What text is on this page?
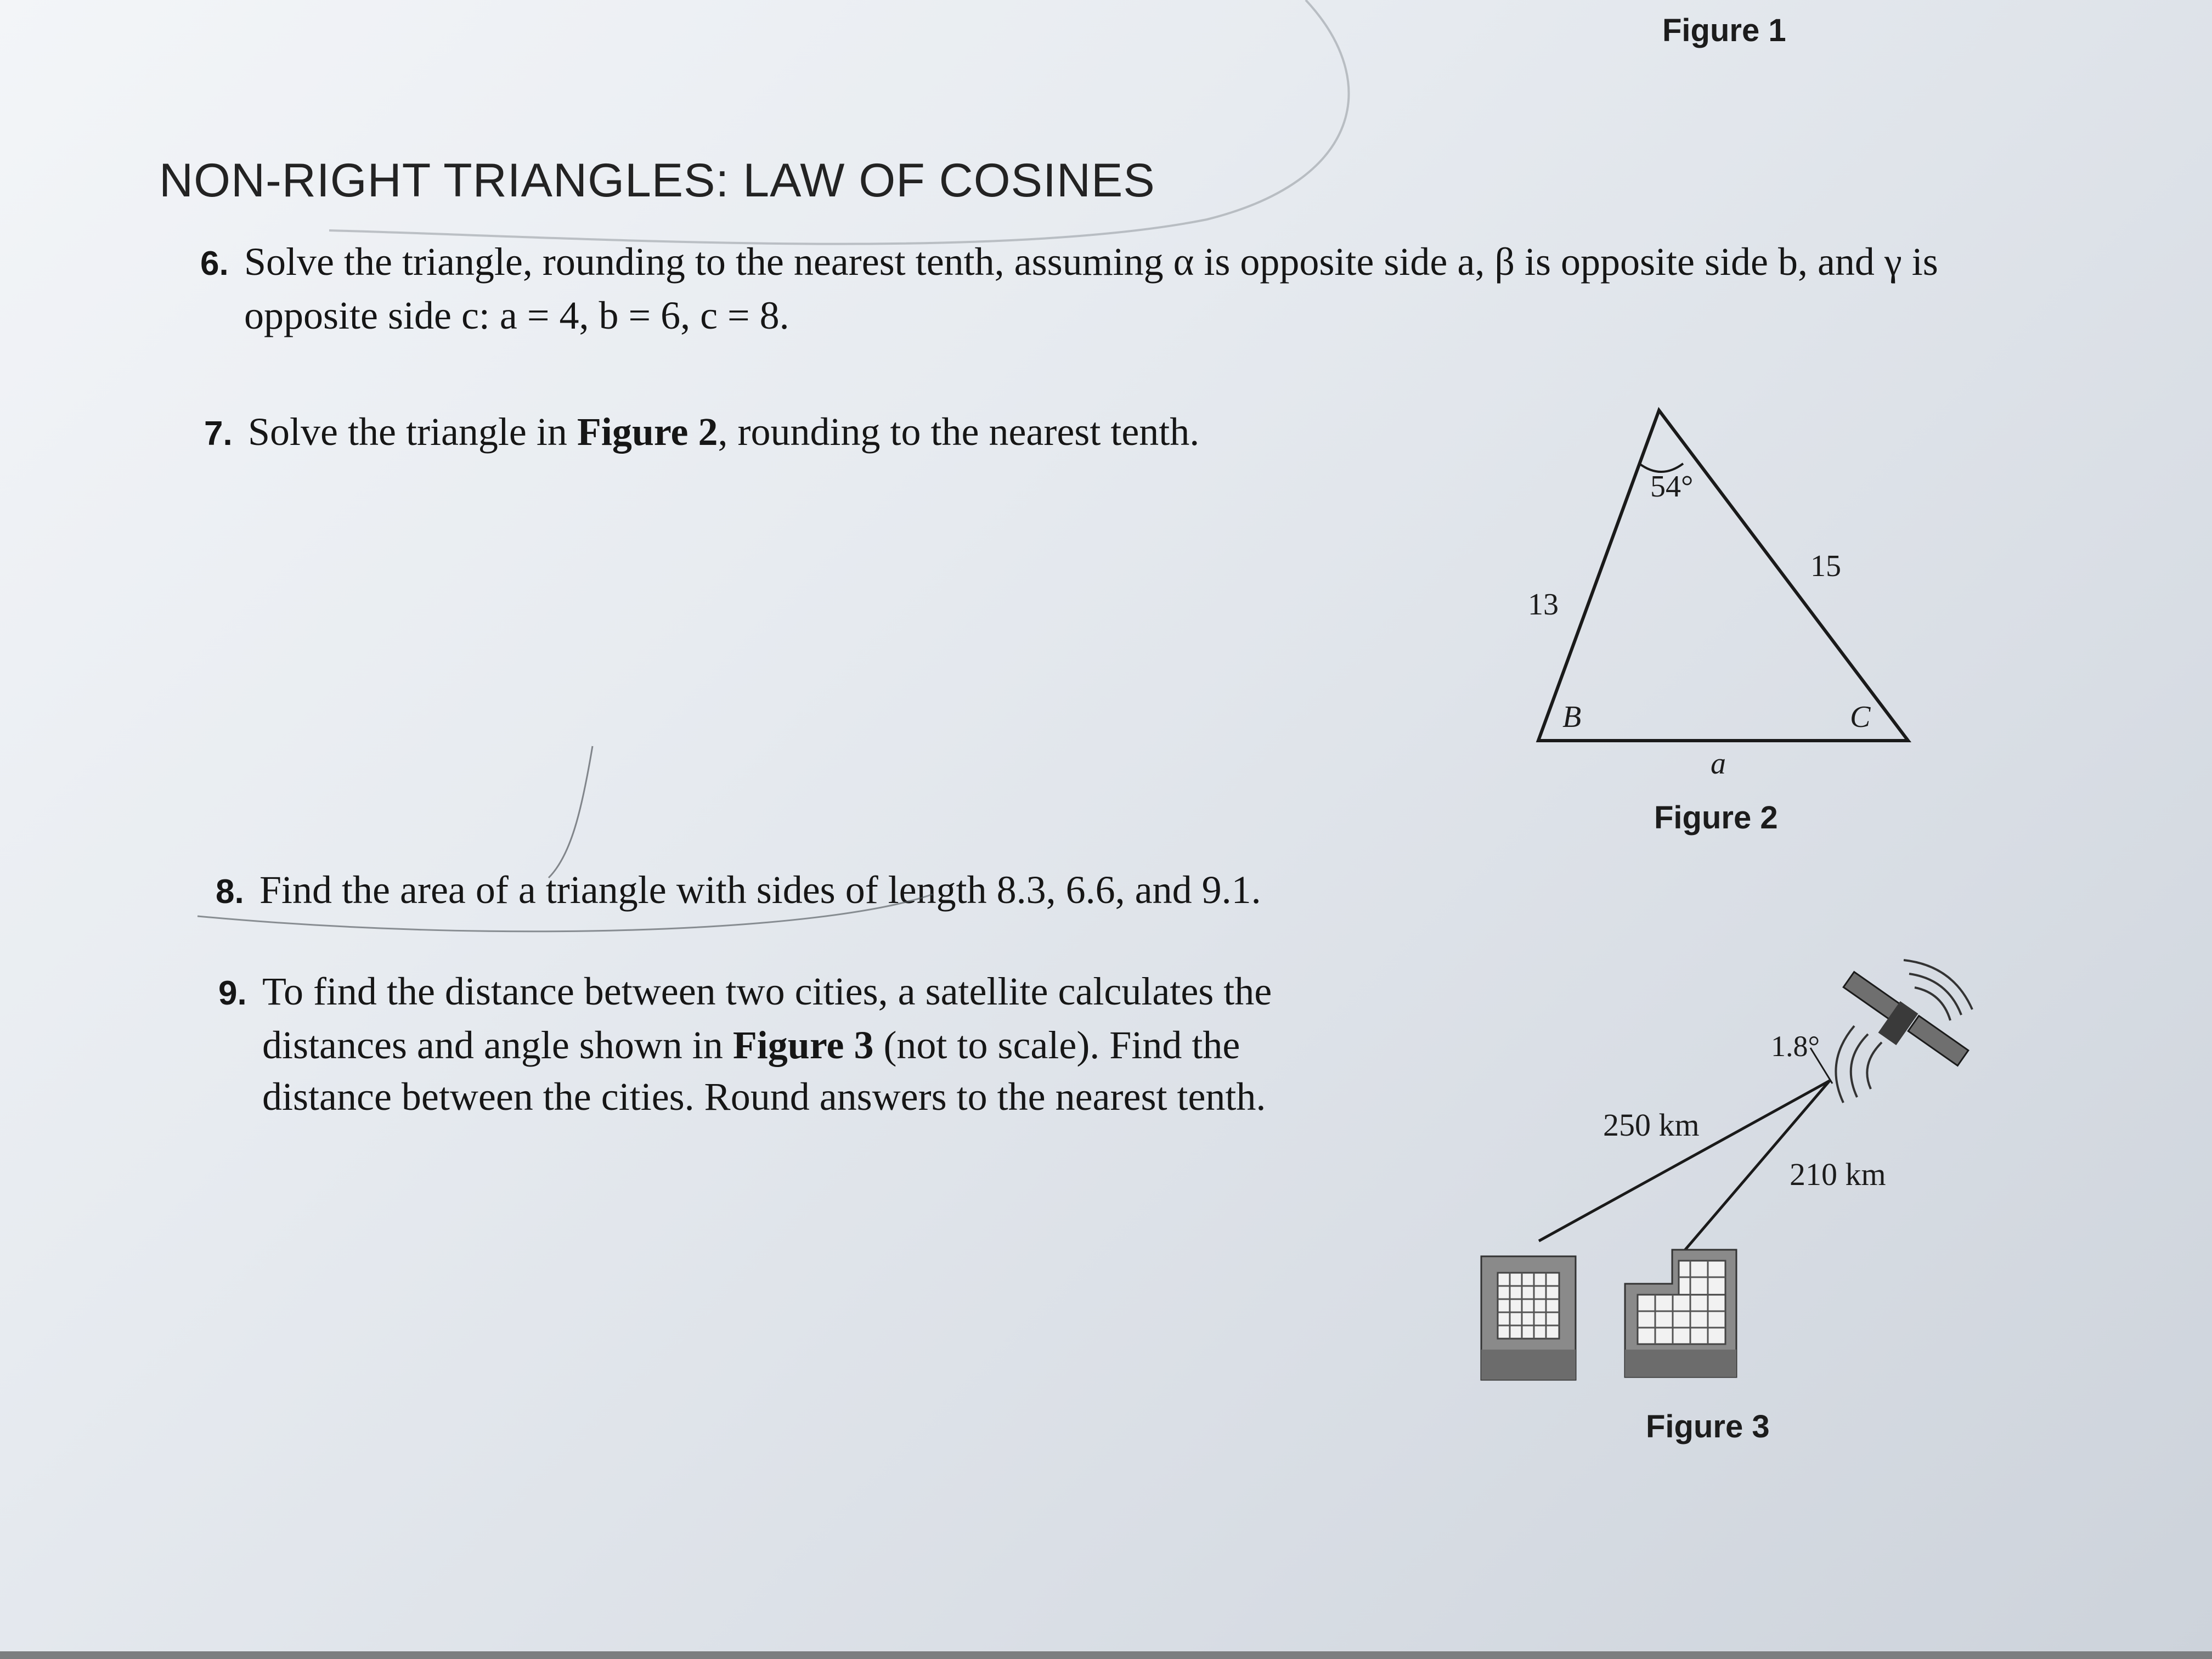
Figure 1
NON-RIGHT TRIANGLES: LAW OF COSINES
6. Solve the triangle, rounding to the nearest tenth, assuming α is opposite side a, β is opposite side b, and γ is
opposite side c: a = 4, b = 6, c = 8.
7. Solve the triangle in Figure 2, rounding to the nearest tenth.
8. Find the area of a triangle with sides of length 8.3, 6.6, and 9.1.
9. To find the distance between two cities, a satellite calculates the
distances and angle shown in Figure 3 (not to scale). Find the
distance between the cities. Round answers to the nearest tenth.
54°
13
15
B	C
a
Figure 2
1.8°
250 km
210 km
Figure 3
